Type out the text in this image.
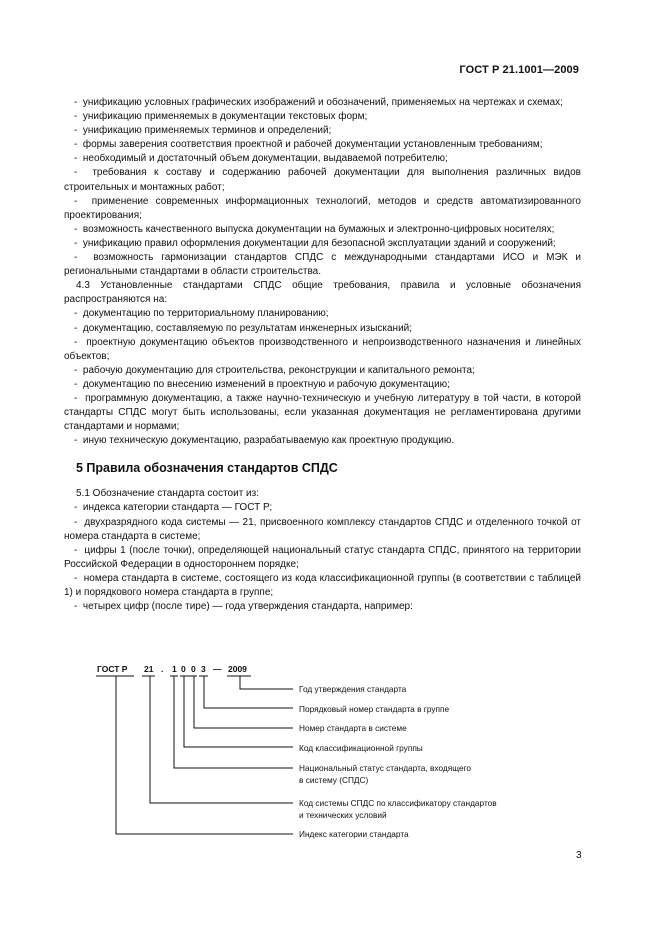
ГОСТ Р 21.1001—2009

-  унификацию условных графических изображений и обозначений, применяемых на чертежах и схемах;

-  унификацию применяемых в документации текстовых форм;

-  унификацию применяемых терминов и определений;

-  формы заверения соответствия проектной и рабочей документации установленным требованиям;

-  необходимый и достаточный объем документации, выдаваемой потребителю;

-  требования к составу и содержанию рабочей документации для выполнения различных видов строительных и монтажных работ;

-  применение современных информационных технологий, методов и средств автоматизированного проектирования;

-  возможность качественного выпуска документации на бумажных и электронно-цифровых носителях;

-  унификацию правил оформления документации для безопасной эксплуатации зданий и сооружений;

-  возможность гармонизации стандартов СПДС с международными стандартами ИСО и МЭК и региональными стандартами в области строительства.

4.3 Установленные стандартами СПДС общие требования, правила и условные обозначения распространяются на:

-  документацию по территориальному планированию;

-  документацию, составляемую по результатам инженерных изысканий;

-  проектную документацию объектов производственного и непроизводственного назначения и линейных объектов;

-  рабочую документацию для строительства, реконструкции и капитального ремонта;

-  документацию по внесению изменений в проектную и рабочую документацию;

-  программную документацию, а также научно-техническую и учебную литературу в той части, в которой стандарты СПДС могут быть использованы, если указанная документация не регламентирована другими стандартами и нормами;

-  иную техническую документацию, разрабатываемую как проектную продукцию.

5 Правила обозначения стандартов СПДС

5.1 Обозначение стандарта состоит из:

-  индекса категории стандарта — ГОСТ Р;

-  двухразрядного кода системы — 21, присвоенного комплексу стандартов СПДС и отделенного точкой от номера стандарта в системе;

-  цифры 1 (после точки), определяющей национальный статус стандарта СПДС, принятого на территории Российской Федерации в одностороннем порядке;

-  номера стандарта в системе, состоящего из кода классификационной группы (в соответствии с таблицей 1) и порядкового номера стандарта в группе;

-  четырех цифр (после тире) — года утверждения стандарта, например:

ГОСТ Р 21 . 1 0 0 3 — 2009
Год утверждения стандарта
Порядковый номер стандарта в группе
Номер стандарта в системе
Код классификационной группы
Национальный статус стандарта, входящего
в систему (СПДС)
Код системы СПДС по классификатору стандартов
и технических условий
Индекс категории стандарта
3
